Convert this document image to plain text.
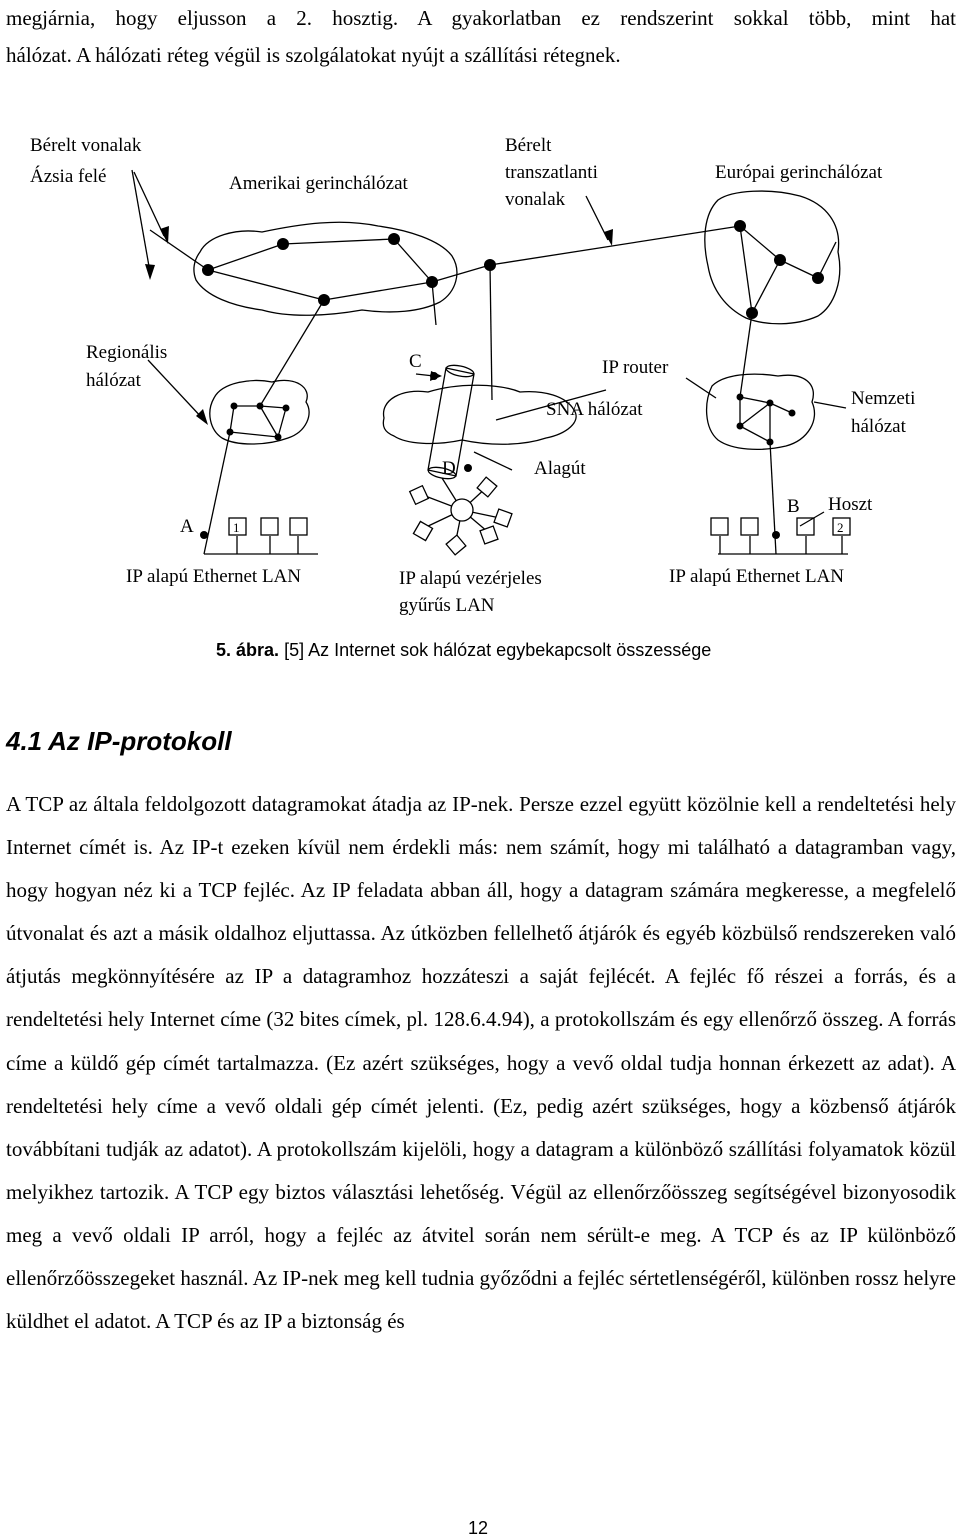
megjárnia, hogy eljusson a 2. hosztig. A gyakorlatban ez rendszerint sokkal több, mint hat

hálózat. A hálózati réteg végül is szolgálatokat nyújt a szállítási rétegnek.

Bérelt vonalak
Ázsia felé	Amerikai gerinchálózat
Bérelt
transzatlanti
vonalak
Európai gerinchálózat
Regionális
hálózat
C	IP router
SNA hálózat
Nemzeti
hálózat
D	Alagút
A
B Hoszt
1	2
IP alapú Ethernet LAN	IP alapú vezérjeles
gyűrűs LAN
IP alapú Ethernet LAN
5. ábra. [5] Az Internet sok hálózat egybekapcsolt összessége
4.1 Az IP-protokoll

A TCP az általa feldolgozott datagramokat átadja az IP-nek. Persze ezzel együtt közölnie kell a rendeltetési hely Internet címét is. Az IP-t ezeken kívül nem érdekli más: nem számít, hogy mi található a datagramban vagy, hogy hogyan néz ki a TCP fejléc. Az IP feladata abban áll, hogy a datagram számára megkeresse, a megfelelő útvonalat és azt a másik oldalhoz eljuttassa. Az útközben fellelhető átjárók és egyéb közbülső rendszereken való átjutás megkönnyítésére az IP a datagramhoz hozzáteszi a saját fejlécét. A fejléc fő részei a forrás, és a rendeltetési hely Internet címe (32 bites címek, pl. 128.6.4.94), a protokollszám és egy ellenőrző összeg. A forrás címe a küldő gép címét tartalmazza. (Ez azért szükséges, hogy a vevő oldal tudja honnan érkezett az adat). A rendeltetési hely címe a vevő oldali gép címét jelenti. (Ez, pedig azért szükséges, hogy a közbenső átjárók továbbítani tudják az adatot). A protokollszám kijelöli, hogy a datagram a különböző szállítási folyamatok közül melyikhez tartozik. A TCP egy biztos választási lehetőség. Végül az ellenőrzőösszeg segítségével bizonyosodik meg a vevő oldali IP arról, hogy a fejléc az átvitel során nem sérült-e meg. A TCP és az IP különböző ellenőrzőösszegeket használ. Az IP-nek meg kell tudnia győződni a fejléc sértetlenségéről, különben rossz helyre küldhet el adatot. A TCP és az IP a biztonság és

12
